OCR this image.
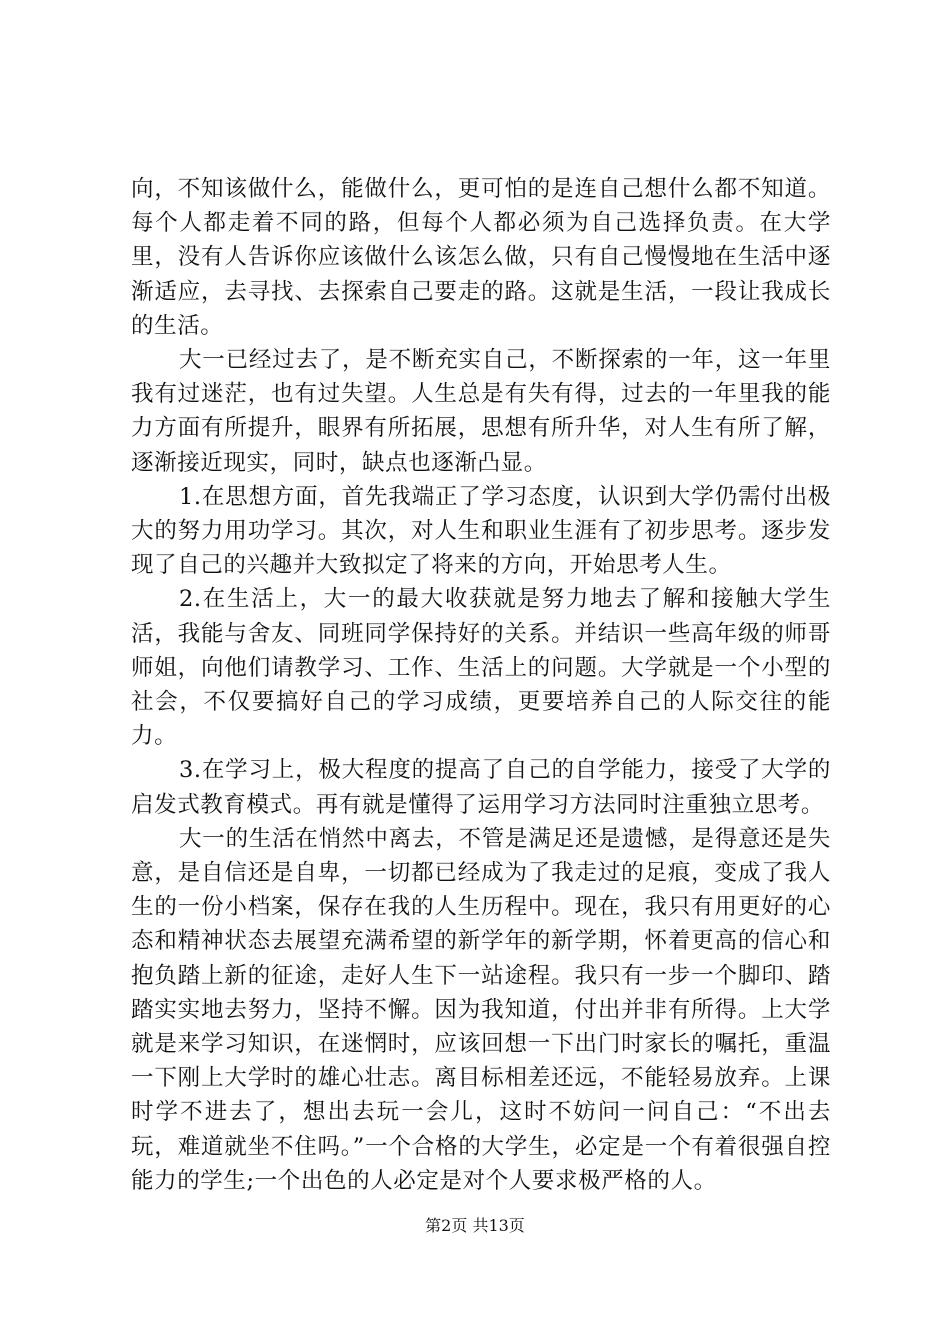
向，不知该做什么，能做什么，更可怕的是连自己想什么都不知道。每个人都走着不同的路，但每个人都必须为自己选择负责。在大学里，没有人告诉你应该做什么该怎么做，只有自己慢慢地在生活中逐渐适应，去寻找、去探索自己要走的路。这就是生活，一段让我成长的生活。

大一已经过去了，是不断充实自己，不断探索的一年，这一年里我有过迷茫，也有过失望。人生总是有失有得，过去的一年里我的能力方面有所提升，眼界有所拓展，思想有所升华，对人生有所了解，逐渐接近现实，同时，缺点也逐渐凸显。

1.在思想方面，首先我端正了学习态度，认识到大学仍需付出极大的努力用功学习。其次，对人生和职业生涯有了初步思考。逐步发现了自己的兴趣并大致拟定了将来的方向，开始思考人生。

2.在生活上，大一的最大收获就是努力地去了解和接触大学生活，我能与舍友、同班同学保持好的关系。并结识一些高年级的师哥师姐，向他们请教学习、工作、生活上的问题。大学就是一个小型的社会，不仅要搞好自己的学习成绩，更要培养自己的人际交往的能力。

3.在学习上，极大程度的提高了自己的自学能力，接受了大学的启发式教育模式。再有就是懂得了运用学习方法同时注重独立思考。

大一的生活在悄然中离去，不管是满足还是遗憾，是得意还是失意，是自信还是自卑，一切都已经成为了我走过的足痕，变成了我人生的一份小档案，保存在我的人生历程中。现在，我只有用更好的心态和精神状态去展望充满希望的新学年的新学期，怀着更高的信心和抱负踏上新的征途，走好人生下一站途程。我只有一步一个脚印、踏踏实实地去努力，坚持不懈。因为我知道，付出并非有所得。上大学就是来学习知识，在迷惘时，应该回想一下出门时家长的嘱托，重温一下刚上大学时的雄心壮志。离目标相差还远，不能轻易放弃。上课时学不进去了，想出去玩一会儿，这时不妨问一问自己：“不出去玩，难道就坐不住吗。”一个合格的大学生，必定是一个有着很强自控能力的学生;一个出色的人必定是对个人要求极严格的人。

第2页 共13页
